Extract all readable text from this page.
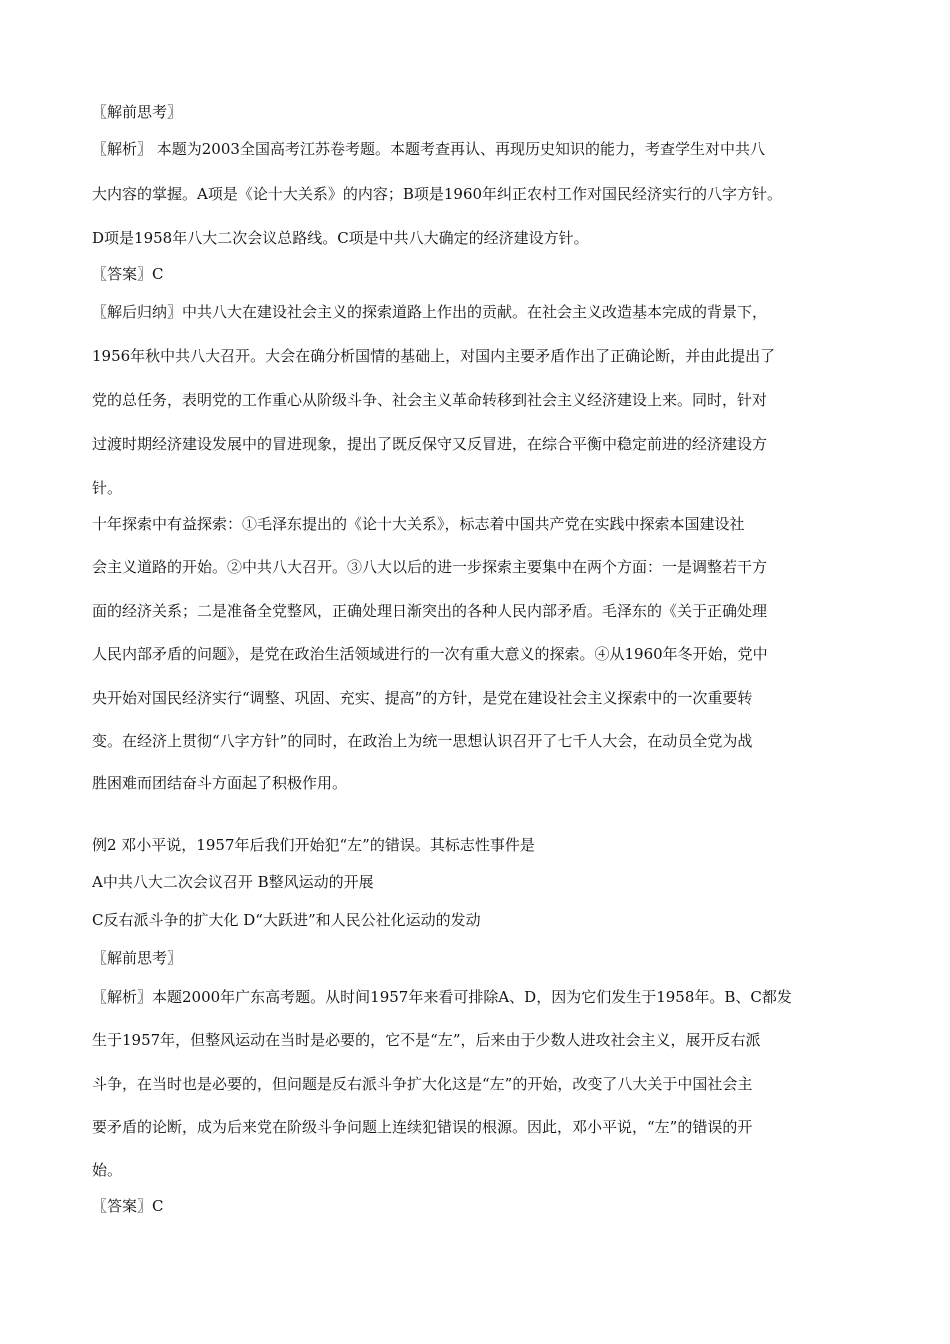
〖解前思考〗
〖解析〗 本题为2003全国高考江苏卷考题。本题考查再认、再现历史知识的能力，考查学生对中共八
大内容的掌握。A项是《论十大关系》的内容；B项是1960年纠正农村工作对国民经济实行的八字方针。
D项是1958年八大二次会议总路线。C项是中共八大确定的经济建设方针。
〖答案〗C
〖解后归纳〗中共八大在建设社会主义的探索道路上作出的贡献。在社会主义改造基本完成的背景下，
1956年秋中共八大召开。大会在确分析国情的基础上，对国内主要矛盾作出了正确论断，并由此提出了
党的总任务，表明党的工作重心从阶级斗争、社会主义革命转移到社会主义经济建设上来。同时，针对
过渡时期经济建设发展中的冒进现象，提出了既反保守又反冒进，在综合平衡中稳定前进的经济建设方
针。
十年探索中有益探索：①毛泽东提出的《论十大关系》，标志着中国共产党在实践中探索本国建设社
会主义道路的开始。②中共八大召开。③八大以后的进一步探索主要集中在两个方面：一是调整若干方
面的经济关系；二是准备全党整风，正确处理日渐突出的各种人民内部矛盾。毛泽东的《关于正确处理
人民内部矛盾的问题》，是党在政治生活领域进行的一次有重大意义的探索。④从1960年冬开始，党中
央开始对国民经济实行“调整、巩固、充实、提高”的方针，是党在建设社会主义探索中的一次重要转
变。在经济上贯彻“八字方针”的同时，在政治上为统一思想认识召开了七千人大会，在动员全党为战
胜困难而团结奋斗方面起了积极作用。
例2 邓小平说，1957年后我们开始犯“左”的错误。其标志性事件是
A中共八大二次会议召开 B整风运动的开展
C反右派斗争的扩大化 D“大跃进”和人民公社化运动的发动
〖解前思考〗
〖解析〗本题2000年广东高考题。从时间1957年来看可排除A、D，因为它们发生于1958年。B、C都发
生于1957年，但整风运动在当时是必要的，它不是“左”，后来由于少数人进攻社会主义，展开反右派
斗争，在当时也是必要的，但问题是反右派斗争扩大化这是“左”的开始，改变了八大关于中国社会主
要矛盾的论断，成为后来党在阶级斗争问题上连续犯错误的根源。因此，邓小平说，“左”的错误的开
始。
〖答案〗C
